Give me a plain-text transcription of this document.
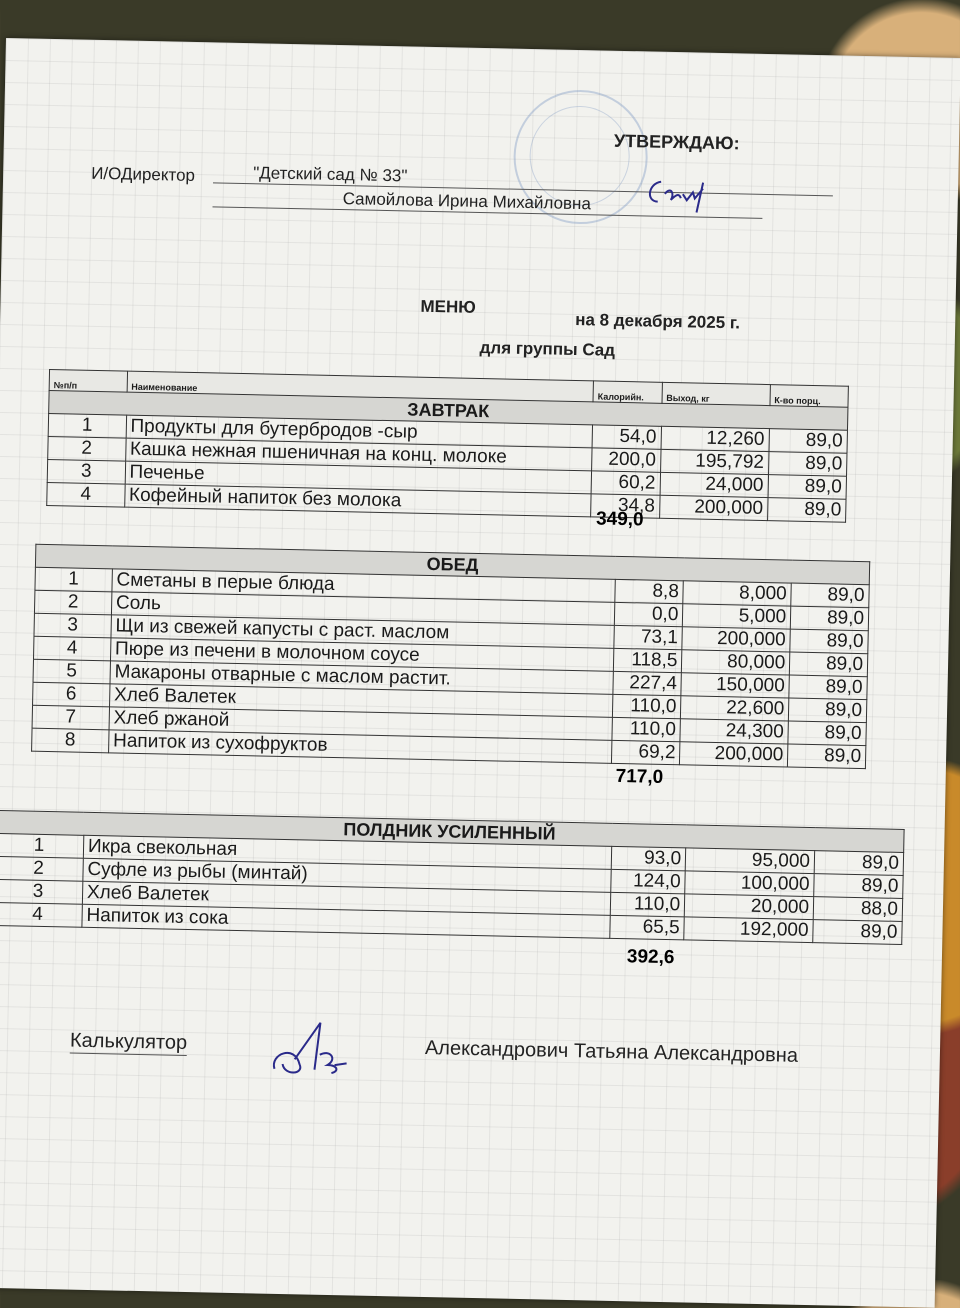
УТВЕРЖДАЮ:
И/ОДиректор	"Детский сад № 33"
Самойлова Ирина Михайловна
МЕНЮ
на 8 декабря 2025 г.
для группы Сад
№п/п	Наименование	Калорийн.	Выход, кг	К-во порц.
ЗАВТРАК				
1	Продукты для бутербродов -сыр	54,0	12,260	89,0
2	Кашка нежная пшеничная на конц. молоке	200,0	195,792	89,0
3	Печенье	60,2	24,000	89,0
4	Кофейный напиток без молока	34,8	200,000	89,0
349,0
ОБЕД				
1	Сметаны в перые блюда	8,8	8,000	89,0
2	Соль	0,0	5,000	89,0
3	Щи из свежей капусты с раст. маслом	73,1	200,000	89,0
4	Пюре из печени в молочном соусе	118,5	80,000	89,0
5	Макароны отварные с маслом растит.	227,4	150,000	89,0
6	Хлеб Валетек	110,0	22,600	89,0
7	Хлеб ржаной	110,0	24,300	89,0
8	Напиток из сухофруктов	69,2	200,000	89,0
717,0
ПОЛДНИК УСИЛЕННЫЙ				
1	Икра свекольная	93,0	95,000	89,0
2	Суфле из рыбы (минтай)	124,0	100,000	89,0
3	Хлеб Валетек	110,0	20,000	88,0
4	Напиток из сока	65,5	192,000	89,0
392,6
Калькулятор	Александрович Татьяна Александровна
